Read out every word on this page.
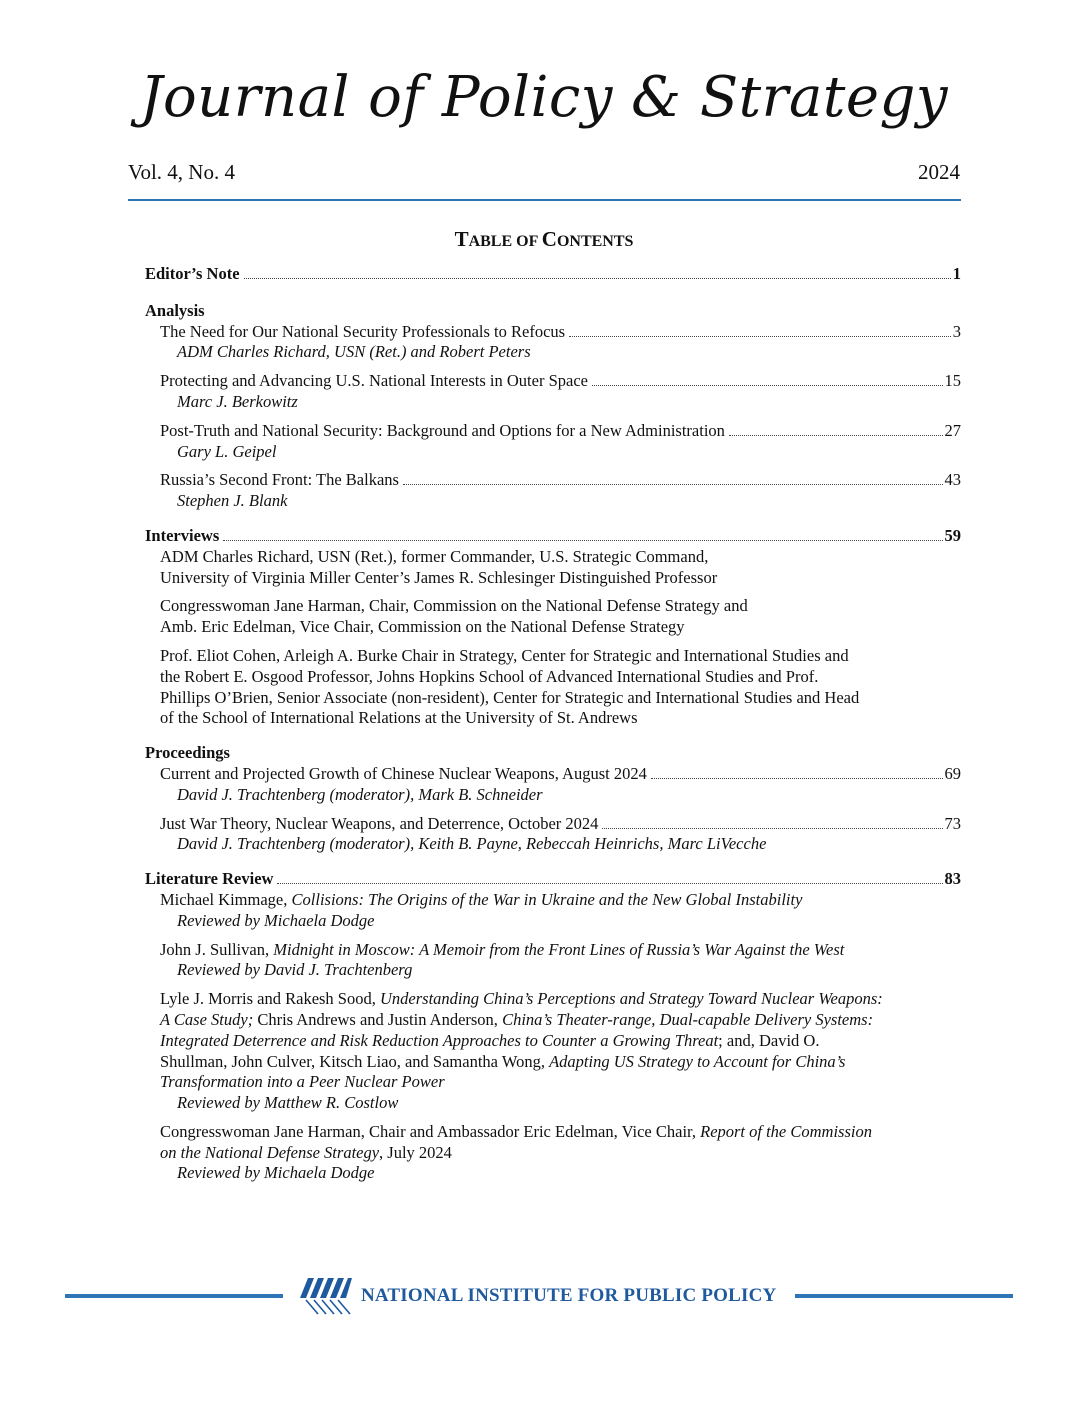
Journal of Policy & Strategy
Vol. 4, No. 4	2024
TABLE OF CONTENTS
Editor’s Note	1
Analysis
The Need for Our National Security Professionals to Refocus	3
ADM Charles Richard, USN (Ret.) and Robert Peters
Protecting and Advancing U.S. National Interests in Outer Space	15
Marc J. Berkowitz
Post-Truth and National Security: Background and Options for a New Administration	27
Gary L. Geipel
Russia’s Second Front: The Balkans	43
Stephen J. Blank
Interviews	59
ADM Charles Richard, USN (Ret.), former Commander, U.S. Strategic Command,
University of Virginia Miller Center’s James R. Schlesinger Distinguished Professor
Congresswoman Jane Harman, Chair, Commission on the National Defense Strategy and
Amb. Eric Edelman, Vice Chair, Commission on the National Defense Strategy
Prof. Eliot Cohen, Arleigh A. Burke Chair in Strategy, Center for Strategic and International Studies and
the Robert E. Osgood Professor, Johns Hopkins School of Advanced International Studies and Prof.
Phillips O’Brien, Senior Associate (non-resident), Center for Strategic and International Studies and Head
of the School of International Relations at the University of St. Andrews
Proceedings
Current and Projected Growth of Chinese Nuclear Weapons, August 2024	69
David J. Trachtenberg (moderator), Mark B. Schneider
Just War Theory, Nuclear Weapons, and Deterrence, October 2024	73
David J. Trachtenberg (moderator), Keith B. Payne, Rebeccah Heinrichs, Marc LiVecche
Literature Review	83
Michael Kimmage, Collisions: The Origins of the War in Ukraine and the New Global Instability
Reviewed by Michaela Dodge
John J. Sullivan, Midnight in Moscow: A Memoir from the Front Lines of Russia’s War Against the West
Reviewed by David J. Trachtenberg
Lyle J. Morris and Rakesh Sood, Understanding China’s Perceptions and Strategy Toward Nuclear Weapons:
A Case Study; Chris Andrews and Justin Anderson, China’s Theater-range, Dual-capable Delivery Systems:
Integrated Deterrence and Risk Reduction Approaches to Counter a Growing Threat; and, David O.
Shullman, John Culver, Kitsch Liao, and Samantha Wong, Adapting US Strategy to Account for China’s
Transformation into a Peer Nuclear Power
Reviewed by Matthew R. Costlow
Congresswoman Jane Harman, Chair and Ambassador Eric Edelman, Vice Chair, Report of the Commission
on the National Defense Strategy, July 2024
Reviewed by Michaela Dodge
NATIONAL INSTITUTE FOR PUBLIC POLICY
